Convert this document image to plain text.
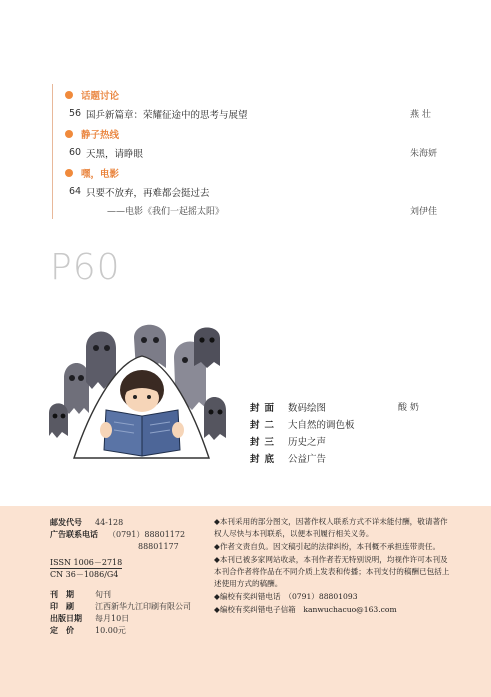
话题讨论
56 国乒新篇章：荣耀征途中的思考与展望	燕 壮
静子热线
60 天黑，请睁眼	朱海妍
嘿，电影
64 只要不放弃，再难都会挺过去
——电影《我们一起摇太阳》	刘伊佳
P60
封面 数码绘图	酸 奶
封二 大自然的调色板
封三 历史之声
封底 公益广告
邮发代号	44-128
广告联系电话	（0791）88801172
88801177
ISSN 1006－2718
CN 36－1086/G4
刊　期	旬刊
印　刷	江西新华九江印刷有限公司
出版日期	每月10日
定　价	10.00元

◆本刊采用的部分图文，因著作权人联系方式不详未能付酬，敬请著作权人尽快与本刊联系，以便本刊履行相关义务。

◆作者文责自负。因文稿引起的法律纠纷，本刊概不承担连带责任。

◆本刊已被多家网站收录，本刊作者若无特别说明，均视作许可本刊及本刊合作者将作品在不同介质上发表和传播；本刊支付的稿酬已包括上述使用方式的稿酬。

◆编校有奖纠错电话　（0791）88801093

◆编校有奖纠错电子信箱　kanwuchacuo@163.com
